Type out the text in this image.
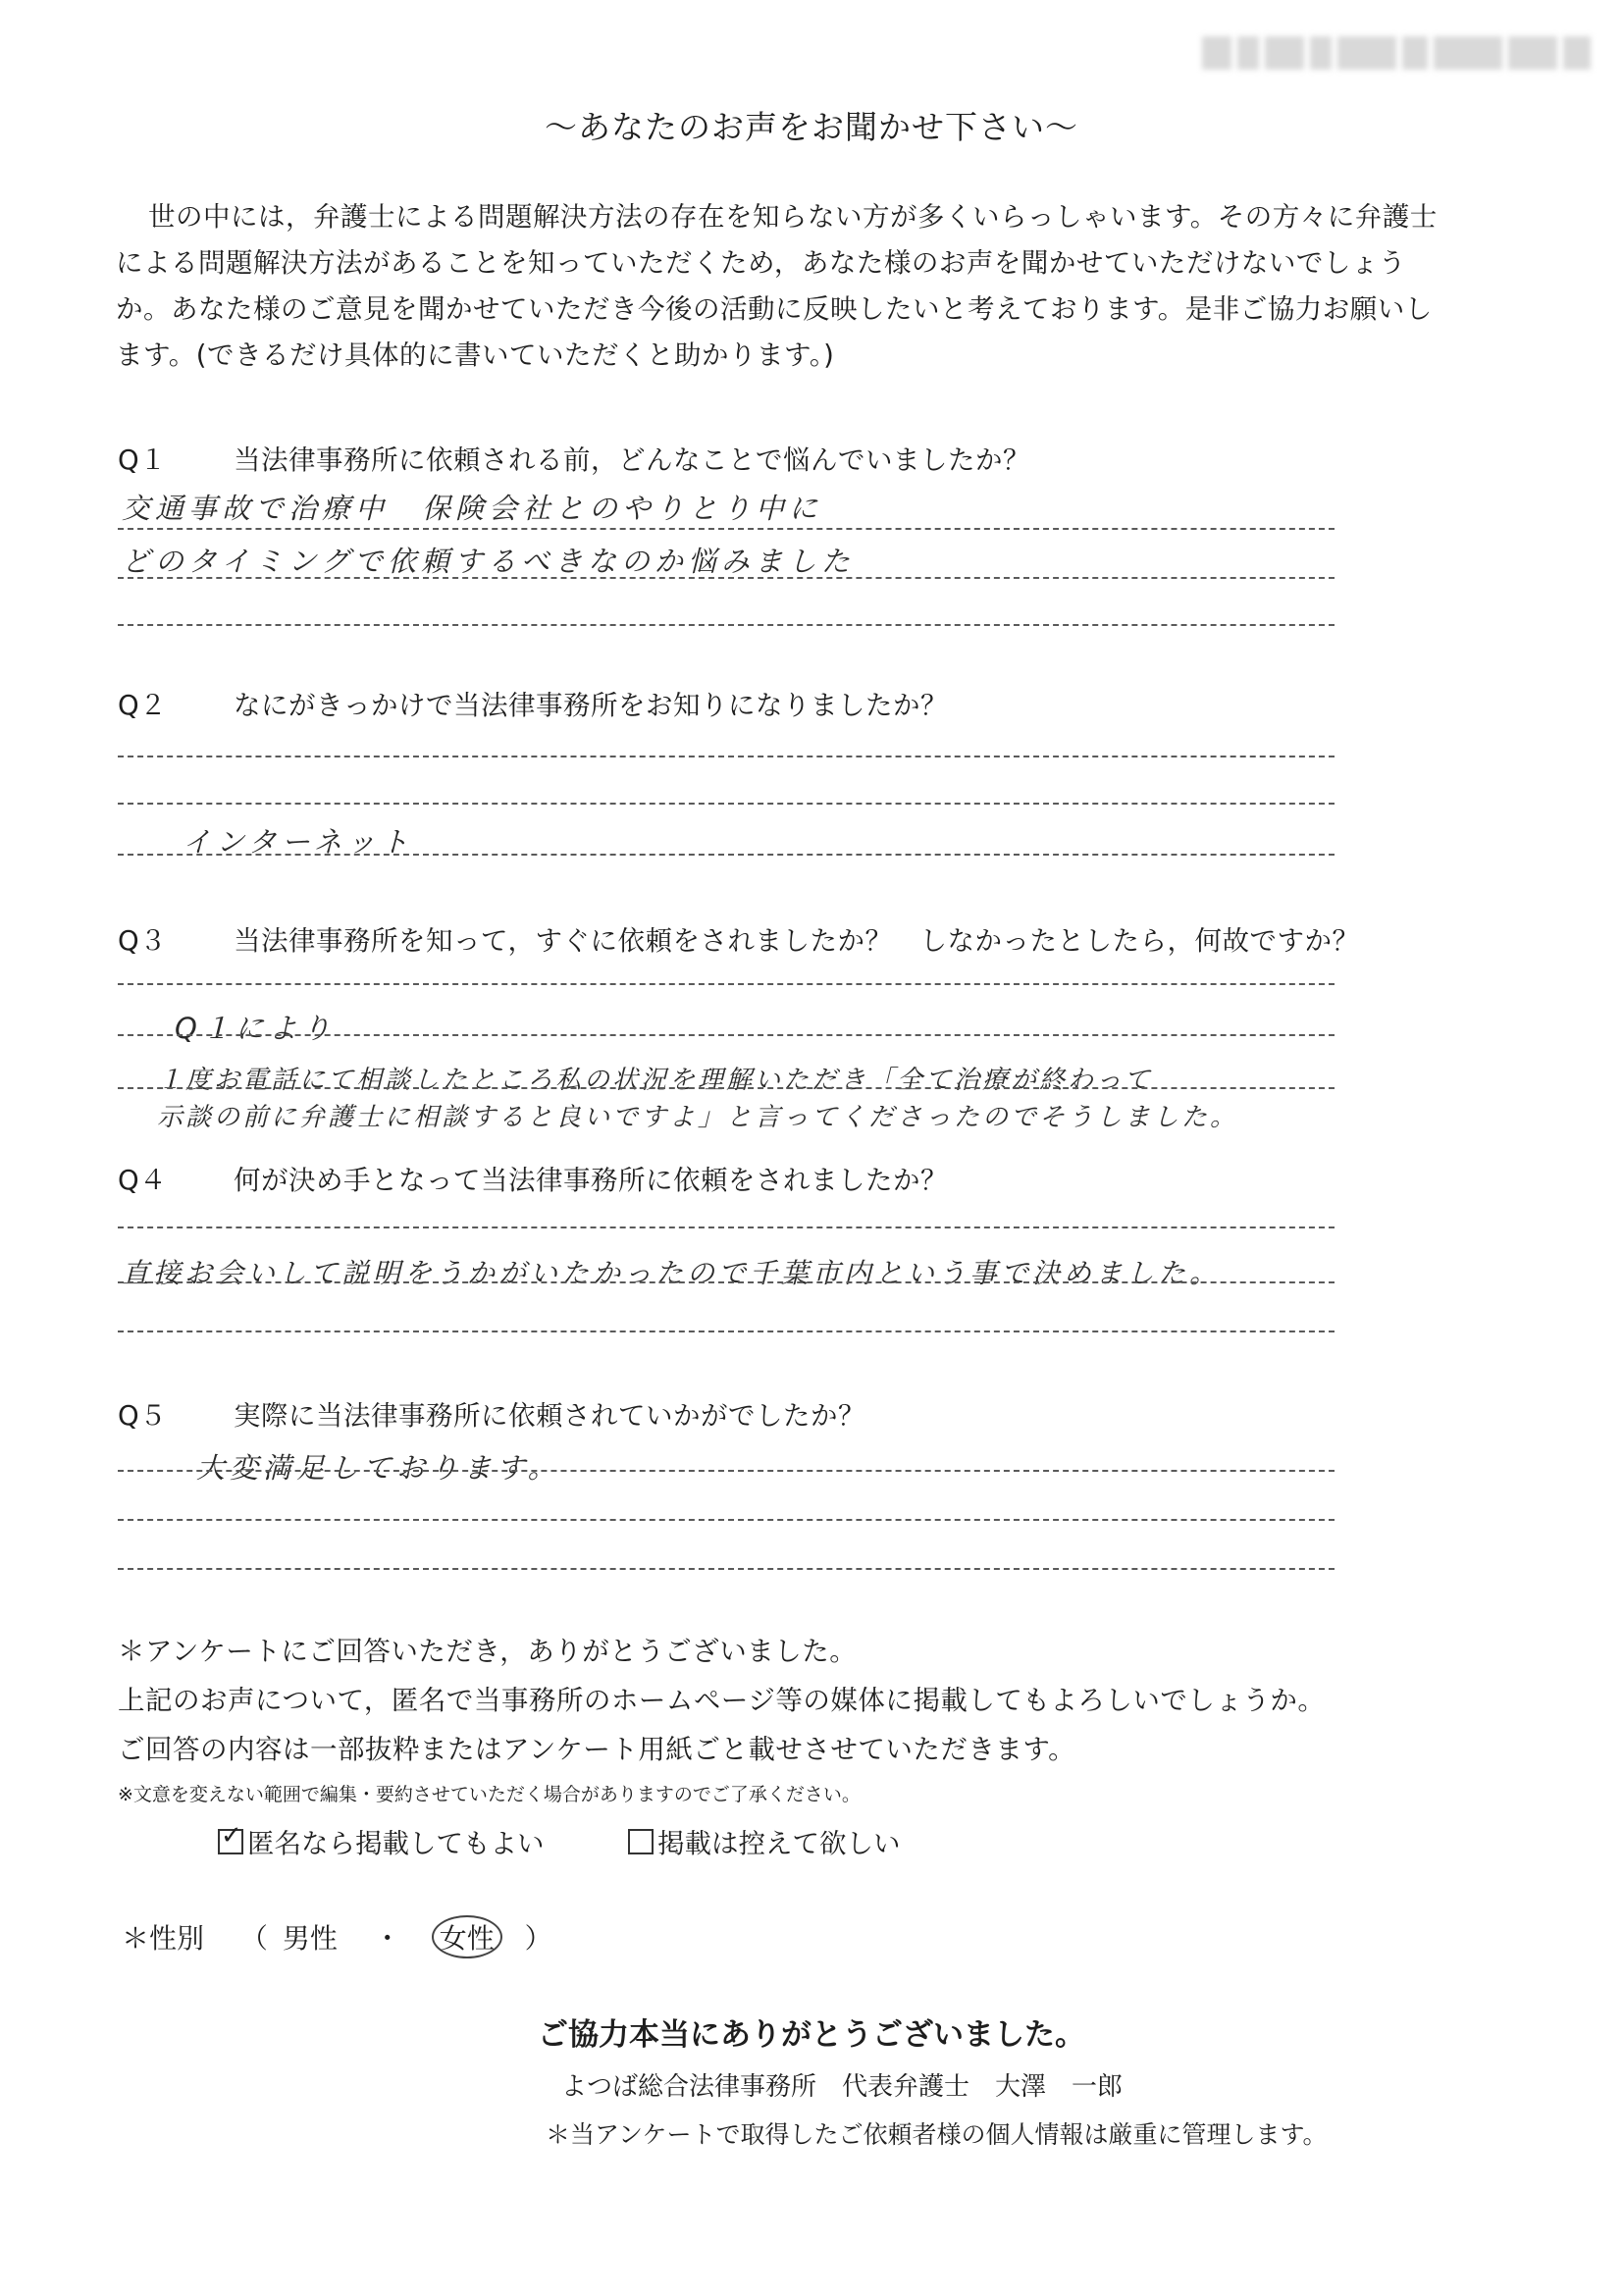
～あなたのお声をお聞かせ下さい～

世の中には，弁護士による問題解決方法の存在を知らない方が多くいらっしゃいます。その方々に弁護士

による問題解決方法があることを知っていただくため，あなた様のお声を聞かせていただけないでしょう
か。あなた様のご意見を聞かせていただき今後の活動に反映したいと考えております。是非ご協力お願いし
ます。(できるだけ具体的に書いていただくと助かります。)
Q１ 当法律事務所に依頼される前，どんなことで悩んでいましたか？
交通事故で治療中　保険会社とのやりとり中に
どのタイミングで依頼するべきなのか悩みました
Q２ なにがきっかけで当法律事務所をお知りになりましたか？
インターネット
Q３ 当法律事務所を知って，すぐに依頼をされましたか？　しなかったとしたら，何故ですか？
Q１により
１度お電話にて相談したところ私の状況を理解いただき「全て治療が終わって
示談の前に弁護士に相談すると良いですよ」と言ってくださったのでそうしました。
Q４ 何が決め手となって当法律事務所に依頼をされましたか？
直接お会いして説明をうかがいたかったので千葉市内という事で決めました。
Q５ 実際に当法律事務所に依頼されていかがでしたか？
大変満足しております。
＊アンケートにご回答いただき，ありがとうございました。
上記のお声について，匿名で当事務所のホームページ等の媒体に掲載してもよろしいでしょうか。
ご回答の内容は一部抜粋またはアンケート用紙ごと載せさせていただきます。
※文意を変えない範囲で編集・要約させていただく場合がありますのでご了承ください。
✓匿名なら掲載してもよい	掲載は控えて欲しい
＊性別 （ 男性 ・ 女性 ）
ご協力本当にありがとうございました。
よつば総合法律事務所　代表弁護士　大澤　一郎
＊当アンケートで取得したご依頼者様の個人情報は厳重に管理します。
